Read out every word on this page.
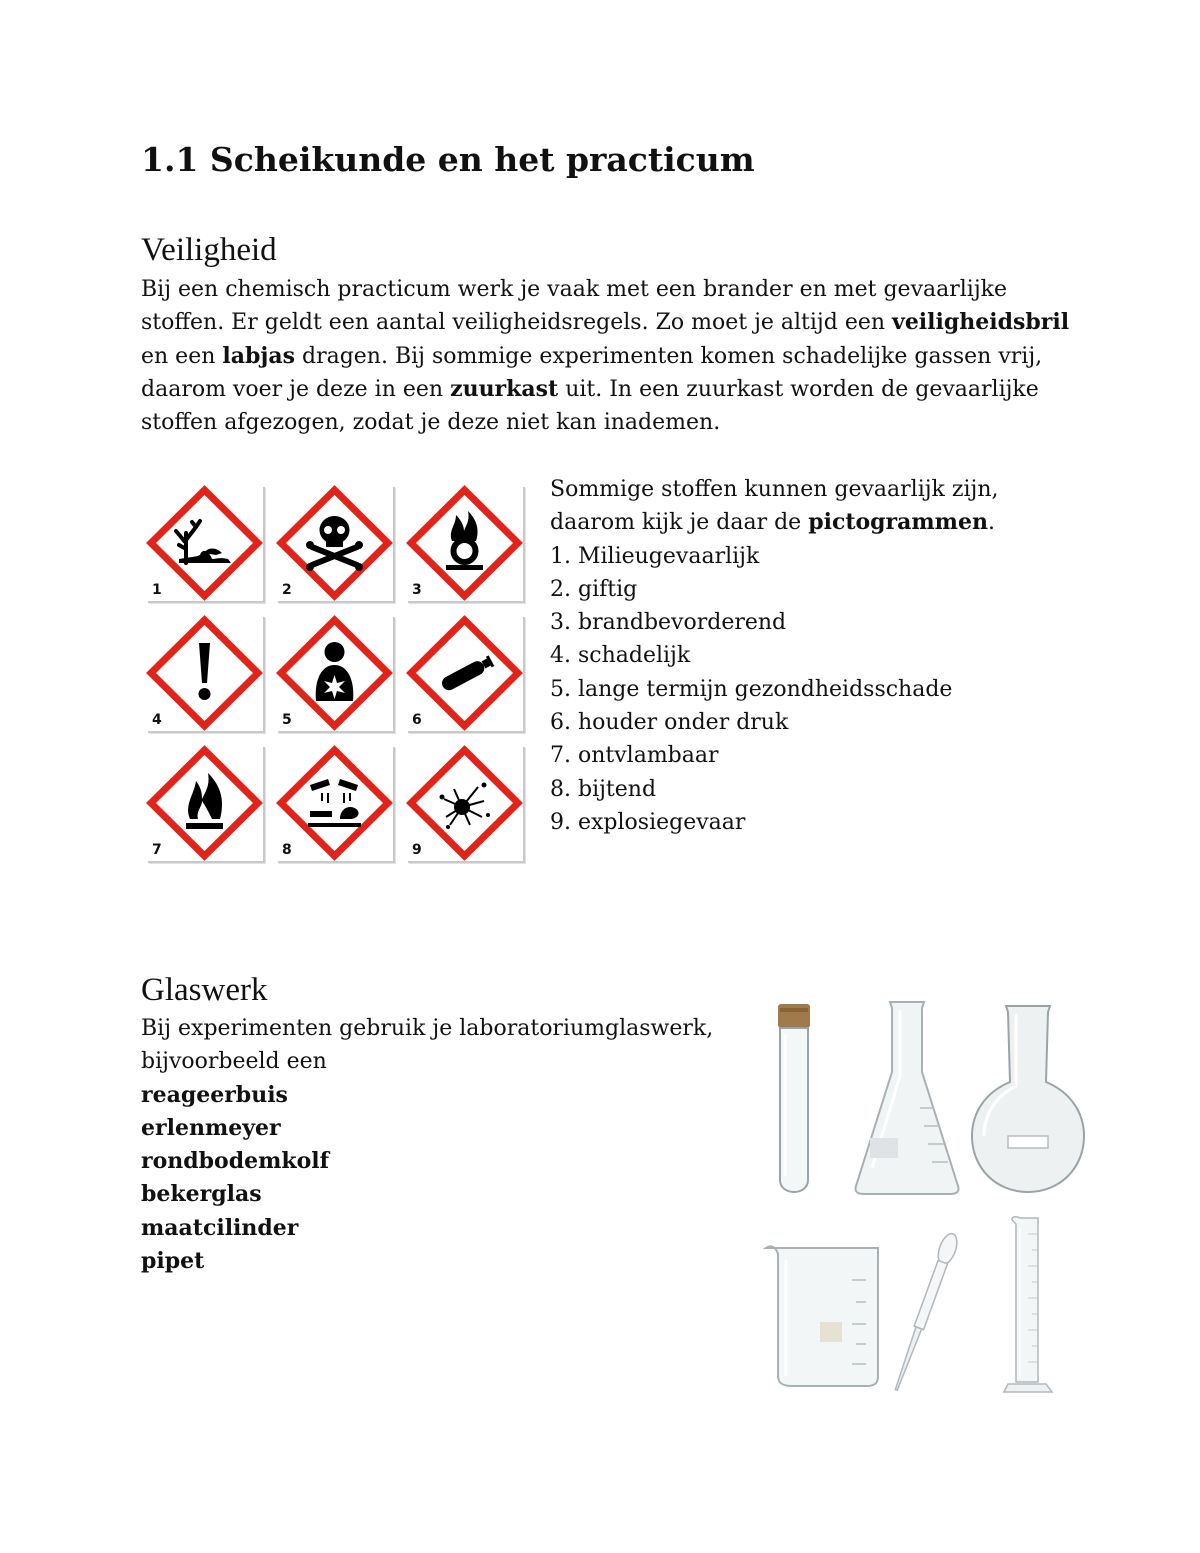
1.1 Scheikunde en het practicum
Veiligheid

Bij een chemisch practicum werk je vaak met een brander en met gevaarlijke stoffen. Er geldt een aantal veiligheidsregels. Zo moet je altijd een veiligheidsbril en een labjas dragen. Bij sommige experimenten komen schadelijke gassen vrij, daarom voer je deze in een zuurkast uit. In een zuurkast worden de gevaarlijke stoffen afgezogen, zodat je deze niet kan inademen.

1	2	3
4	5	6
7	8	9
Sommige stoffen kunnen gevaarlijk zijn, daarom kijk je daar de pictogrammen.
1. Milieugevaarlijk
2. giftig
3. brandbevorderend
4. schadelijk
5. lange termijn gezondheidsschade
6. houder onder druk
7. ontvlambaar
8. bijtend
9. explosiegevaar
Glaswerk
Bij experimenten gebruik je laboratoriumglaswerk, bijvoorbeeld een
reageerbuis
erlenmeyer
rondbodemkolf
bekerglas
maatcilinder
pipet
